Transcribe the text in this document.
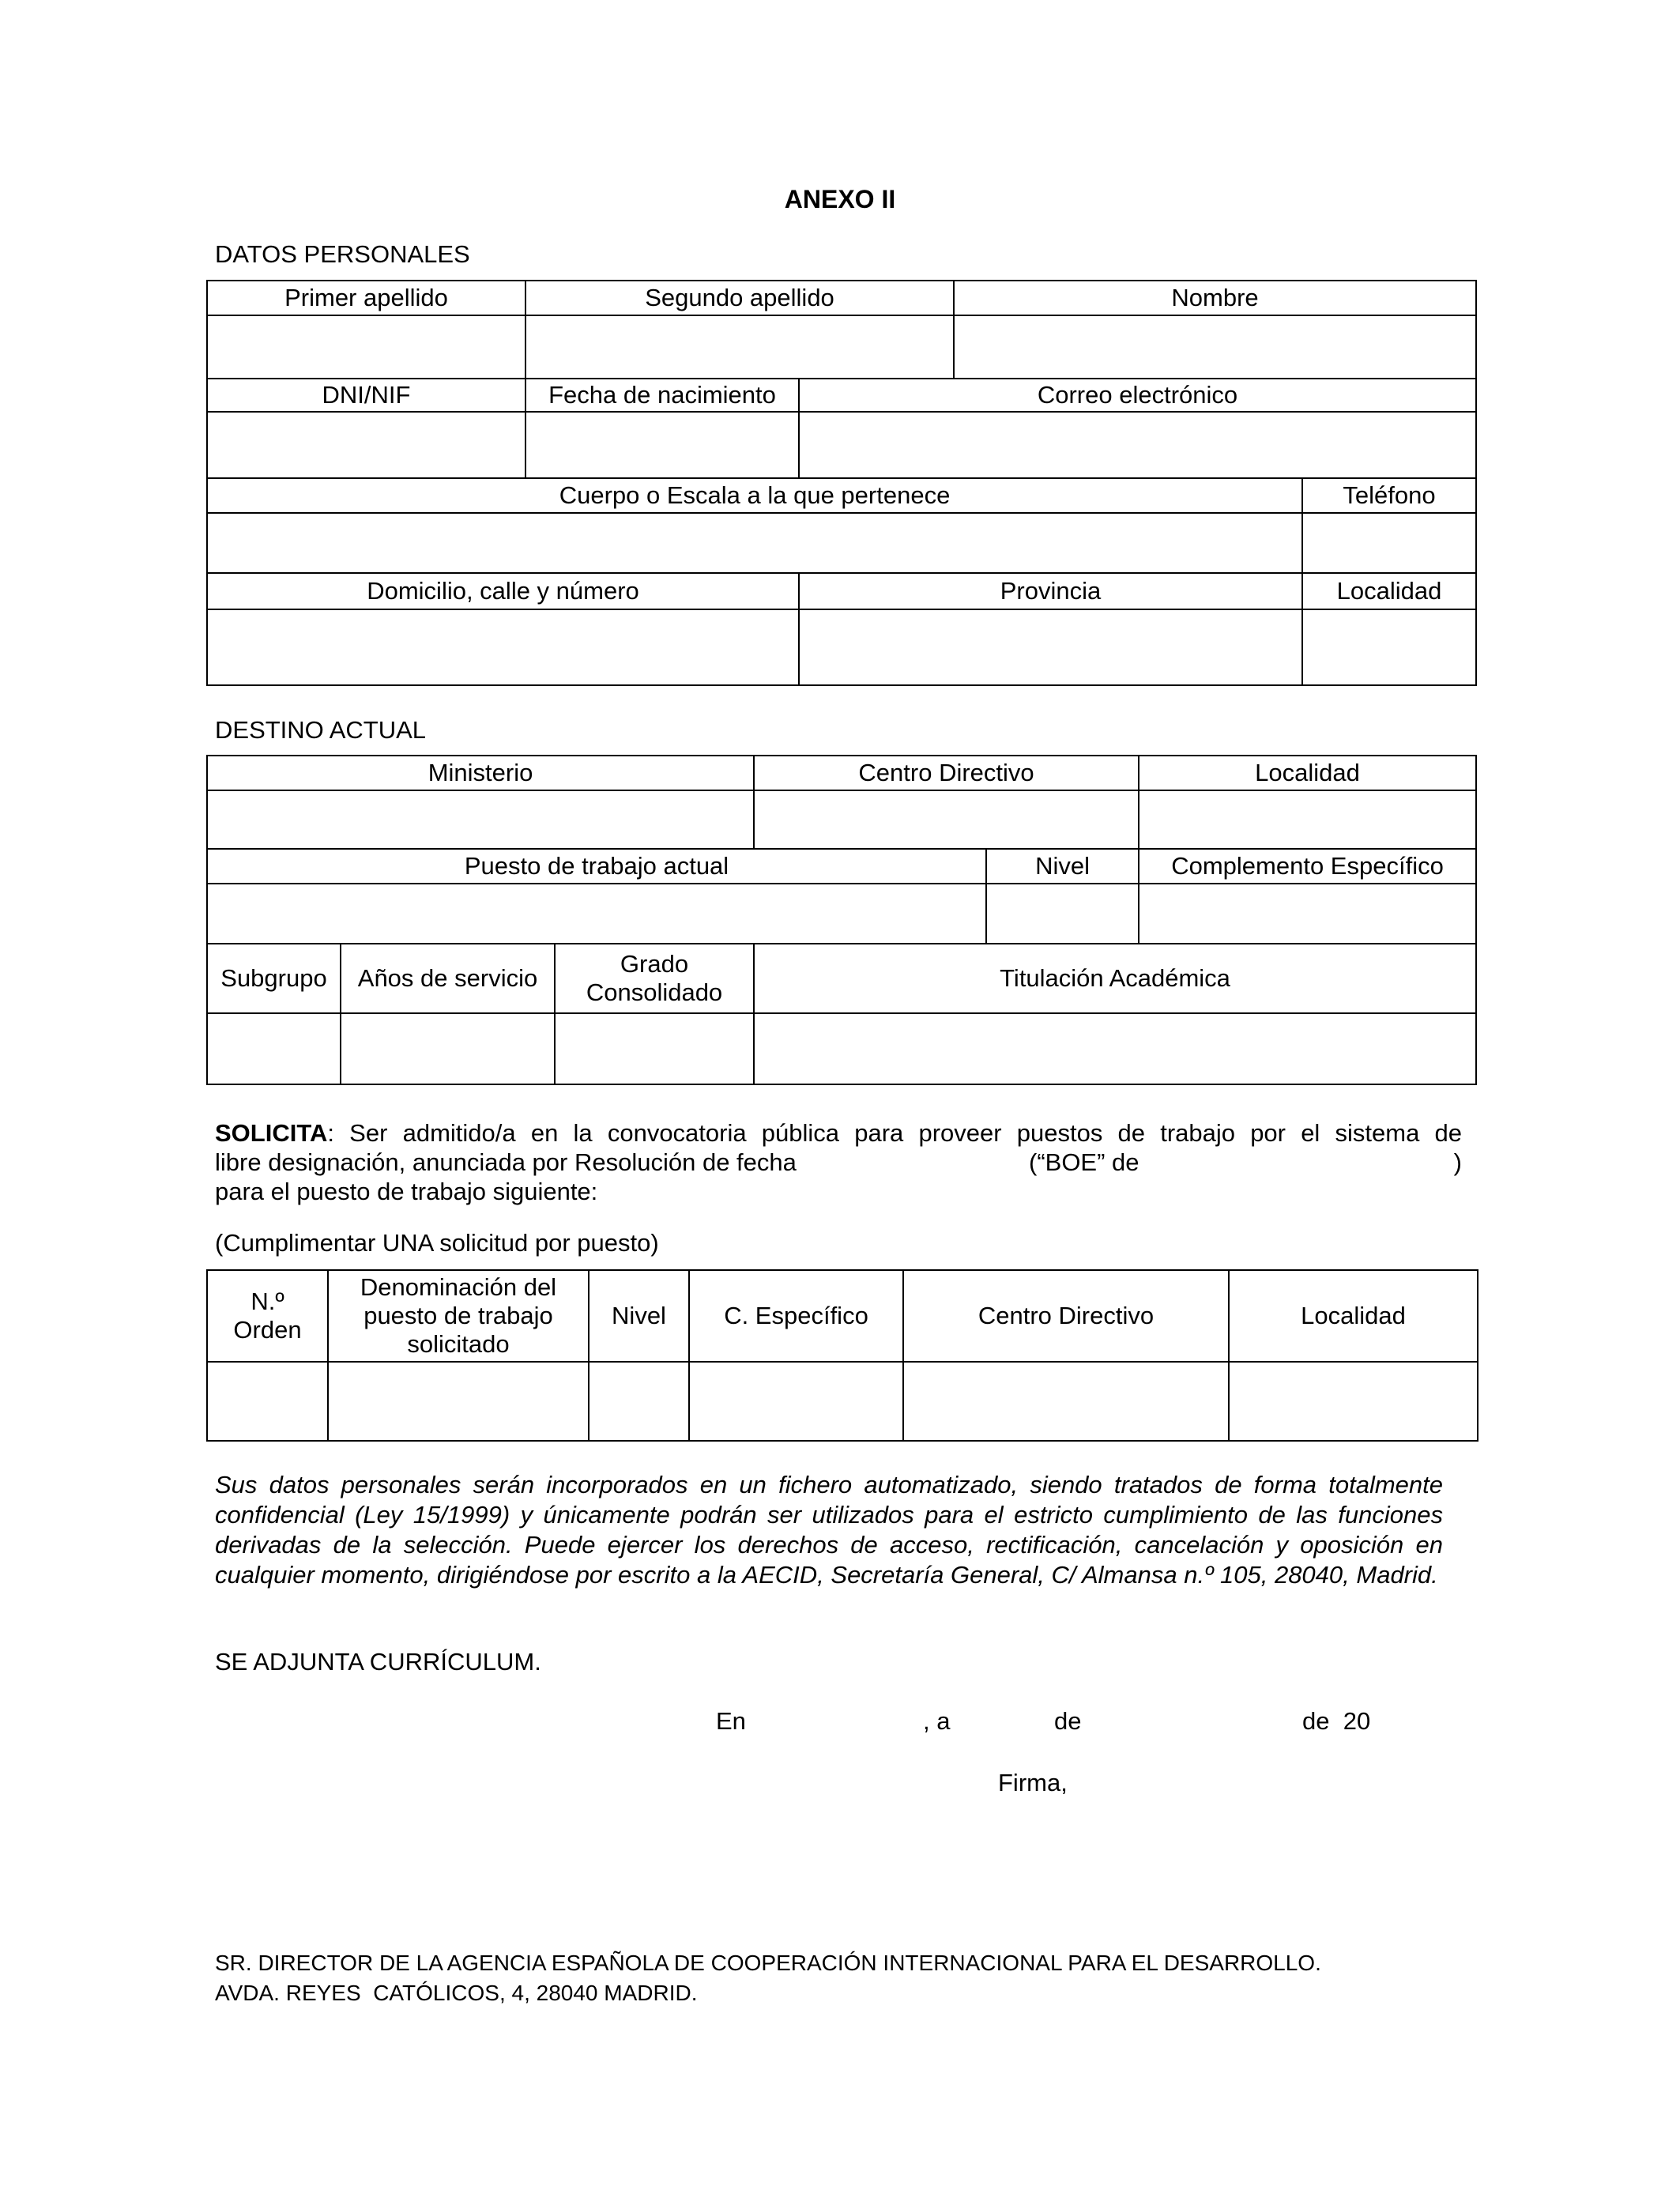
ANEXO II
DATOS PERSONALES
Primer apellido	Segundo apellido		Nombre	

DNI/NIF	Fecha de nacimiento	Correo electrónico		

Cuerpo o Escala a la que pertenece				Teléfono

Domicilio, calle y número		Provincia		Localidad

DESTINO ACTUAL
Ministerio			Centro Directivo		Localidad

Puesto de trabajo actual				Nivel	Complemento Específico

Subgrupo	Años de servicio	Grado Consolidado	Titulación Académica		

SOLICITA: Ser admitido/a en la convocatoria pública para proveer puestos de trabajo por el sistema de
libre designación, anunciada por Resolución de fecha	(“BOE” de	)
para el puesto de trabajo siguiente:
(Cumplimentar UNA solicitud por puesto)
N.º Orden	Denominación del puesto de trabajo solicitado	Nivel	C. Específico	Centro Directivo	Localidad

Sus datos personales serán incorporados en un fichero automatizado, siendo tratados de forma totalmente confidencial (Ley 15/1999) y únicamente podrán ser utilizados para el estricto cumplimiento de las funciones derivadas de la selección. Puede ejercer los derechos de acceso, rectificación, cancelación y oposición en cualquier momento, dirigiéndose por escrito a la AECID, Secretaría General, C/ Almansa n.º 105, 28040, Madrid.
SE ADJUNTA CURRÍCULUM.
En	, a	de	de  20
Firma,
SR. DIRECTOR DE LA AGENCIA ESPAÑOLA DE COOPERACIÓN INTERNACIONAL PARA EL DESARROLLO.
AVDA. REYES  CATÓLICOS, 4, 28040 MADRID.
